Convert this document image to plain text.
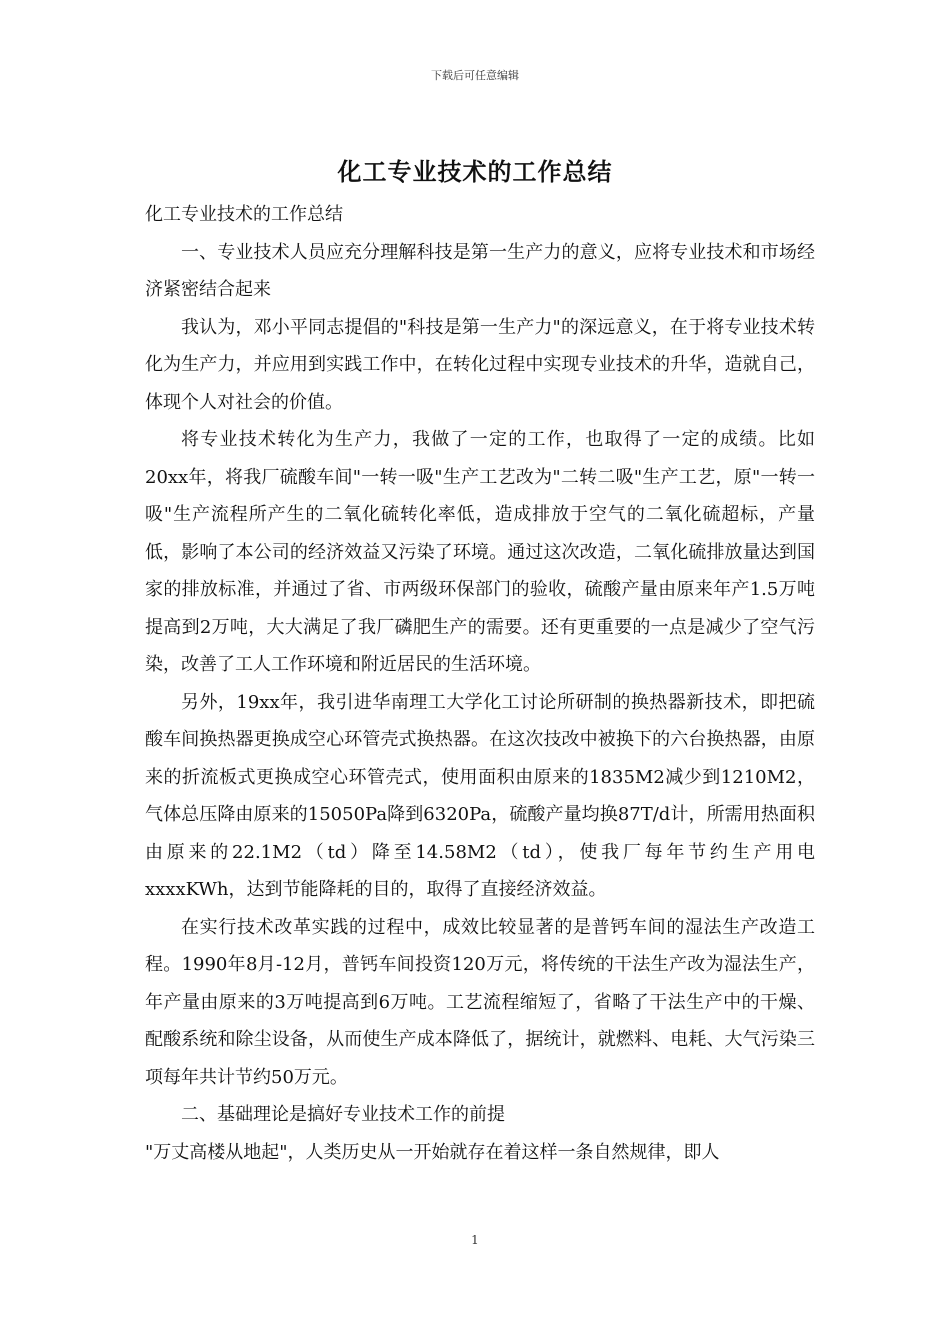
下载后可任意编辑
化工专业技术的工作总结

化工专业技术的工作总结

一、专业技术人员应充分理解科技是第一生产力的意义，应将专业技术和市场经济紧密结合起来

我认为，邓小平同志提倡的"科技是第一生产力"的深远意义，在于将专业技术转化为生产力，并应用到实践工作中，在转化过程中实现专业技术的升华，造就自己，体现个人对社会的价值。

将专业技术转化为生产力，我做了一定的工作，也取得了一定的成绩。比如20xx年，将我厂硫酸车间"一转一吸"生产工艺改为"二转二吸"生产工艺，原"一转一吸"生产流程所产生的二氧化硫转化率低，造成排放于空气的二氧化硫超标，产量低，影响了本公司的经济效益又污染了环境。通过这次改造，二氧化硫排放量达到国家的排放标准，并通过了省、市两级环保部门的验收，硫酸产量由原来年产1.5万吨提高到2万吨，大大满足了我厂磷肥生产的需要。还有更重要的一点是减少了空气污染，改善了工人工作环境和附近居民的生活环境。

另外，19xx年，我引进华南理工大学化工讨论所研制的换热器新技术，即把硫酸车间换热器更换成空心环管壳式换热器。在这次技改中被换下的六台换热器，由原来的折流板式更换成空心环管壳式，使用面积由原来的1835M2减少到1210M2，气体总压降由原来的15050Pa降到6320Pa，硫酸产量均换87T/d计，所需用热面积由原来的22.1M2（td）降至14.58M2（td），使我厂每年节约生产用电xxxxKWh，达到节能降耗的目的，取得了直接经济效益。

在实行技术改革实践的过程中，成效比较显著的是普钙车间的湿法生产改造工程。1990年8月-12月，普钙车间投资120万元，将传统的干法生产改为湿法生产，年产量由原来的3万吨提高到6万吨。工艺流程缩短了，省略了干法生产中的干燥、配酸系统和除尘设备，从而使生产成本降低了，据统计，就燃料、电耗、大气污染三项每年共计节约50万元。

二、基础理论是搞好专业技术工作的前提

"万丈高楼从地起"，人类历史从一开始就存在着这样一条自然规律，即人

1
